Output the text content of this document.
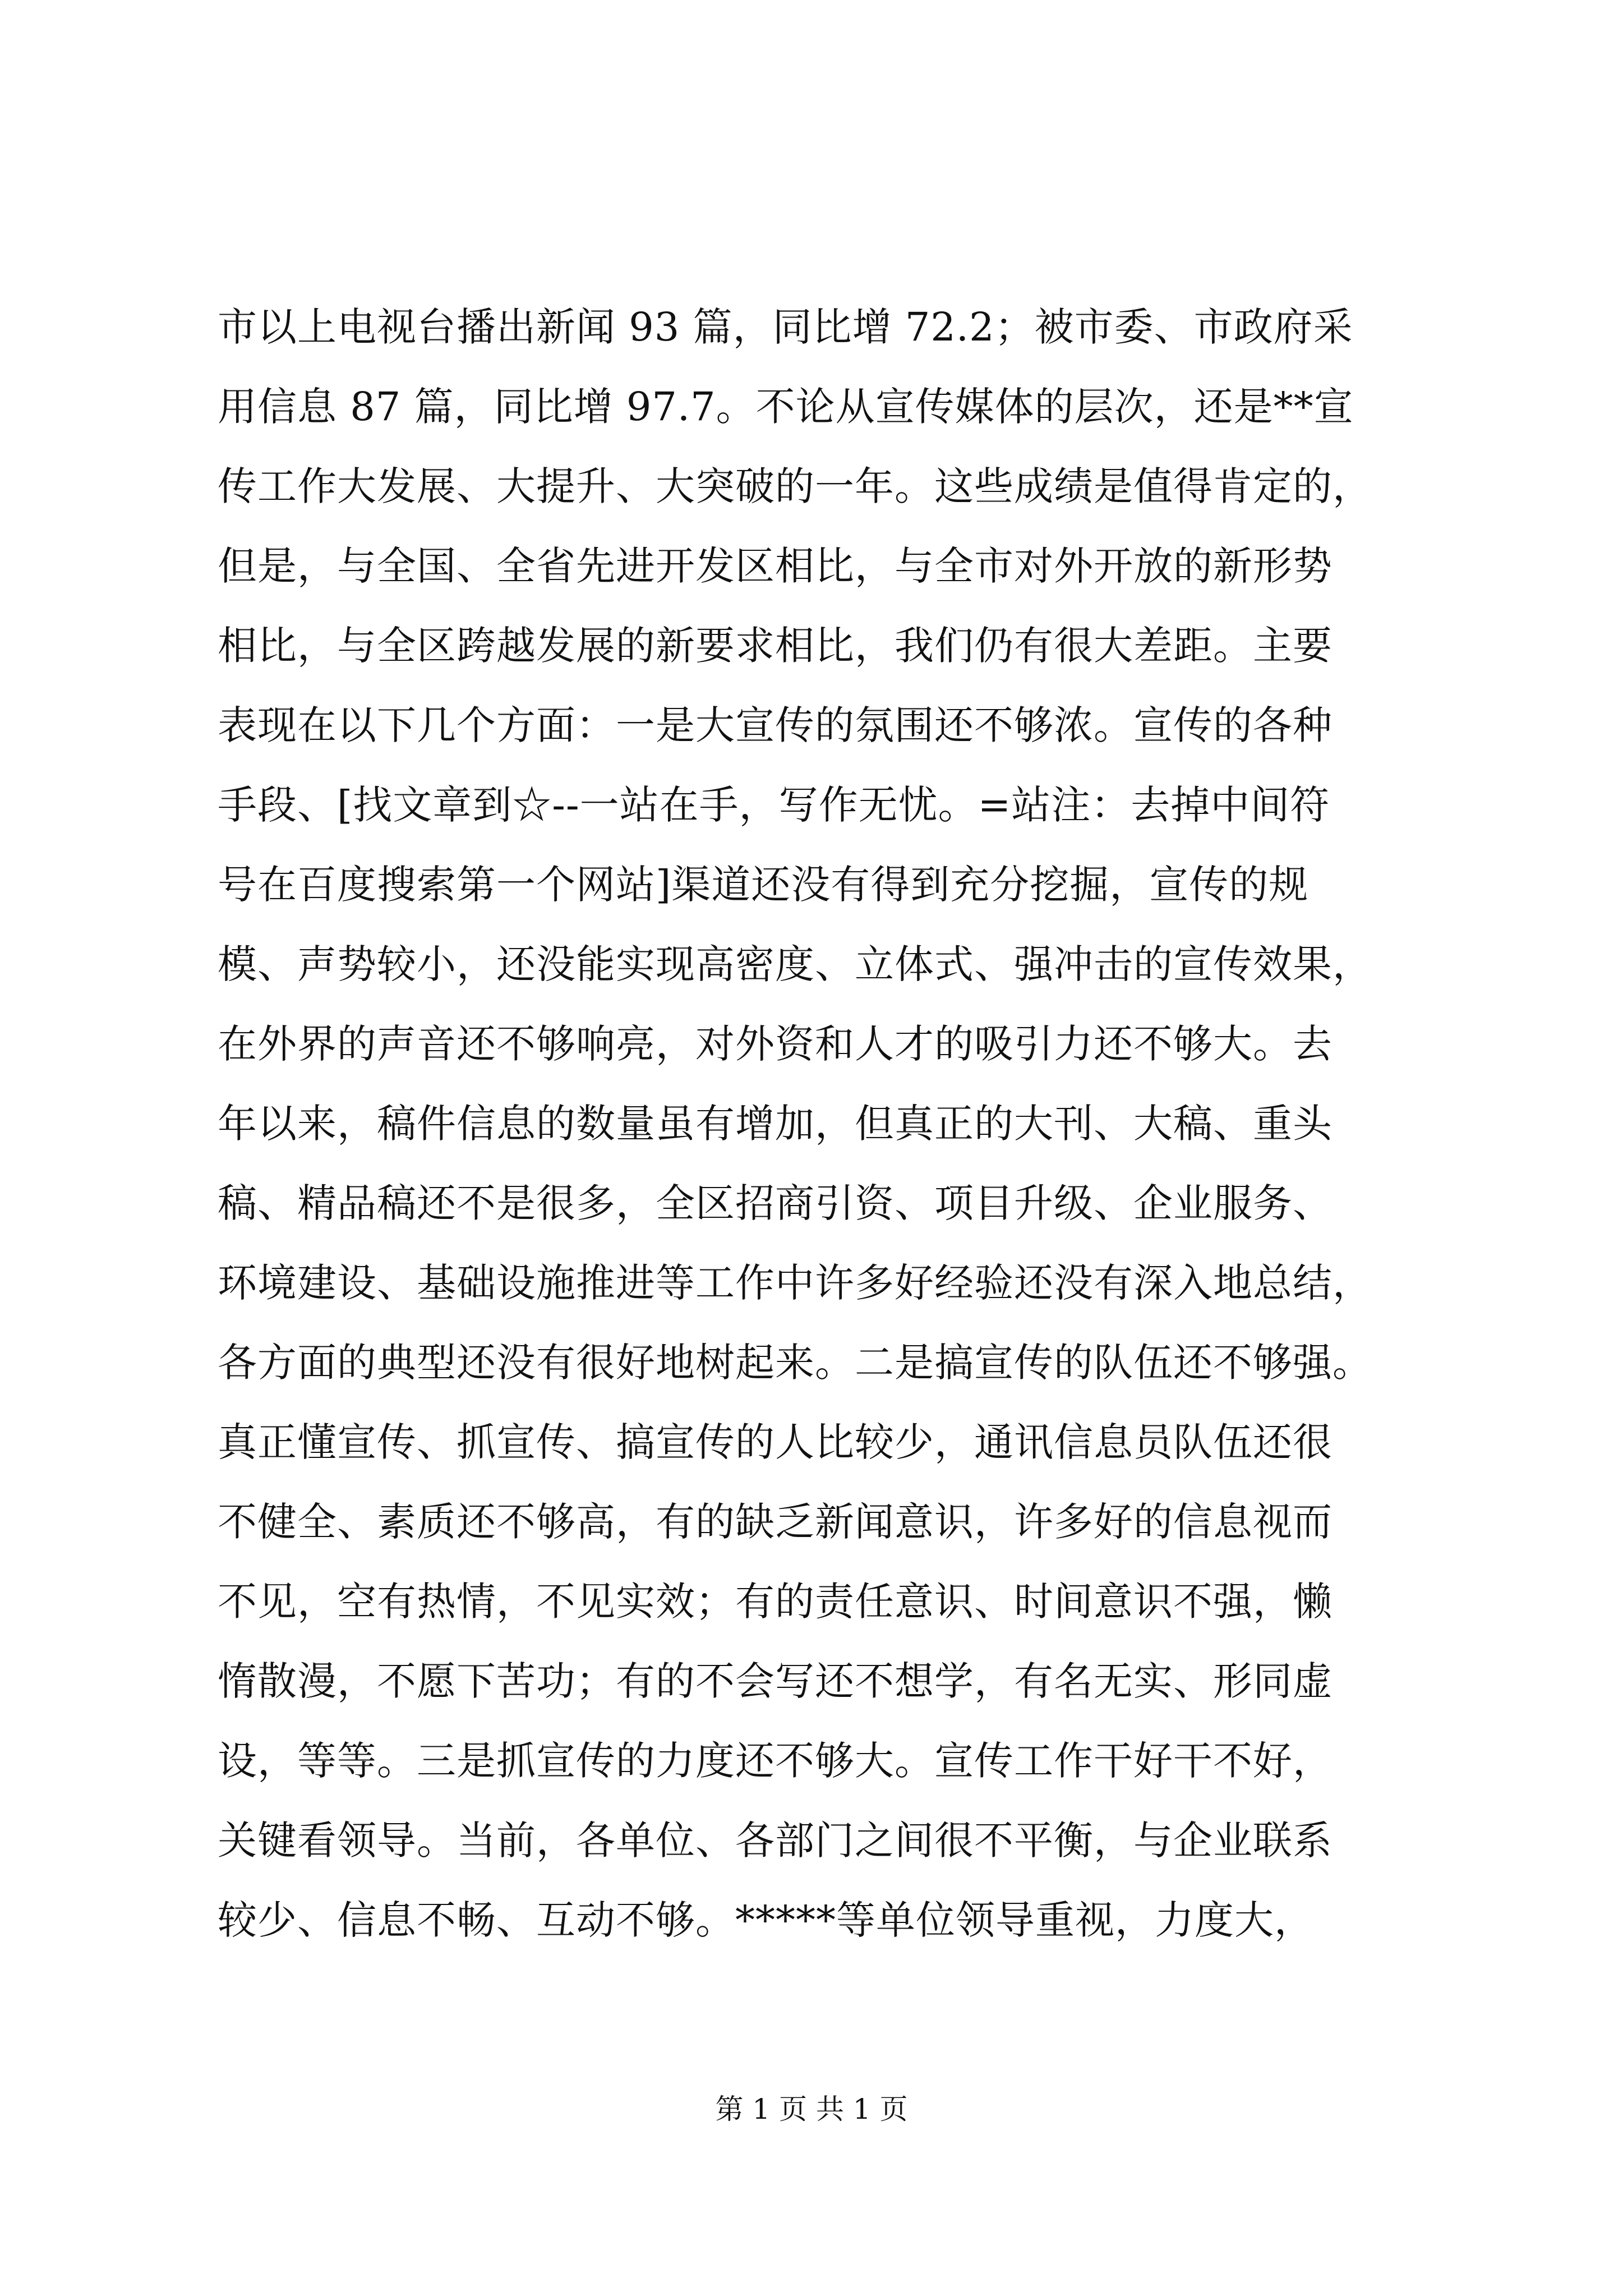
市以上电视台播出新闻 93 篇，同比增 72.2；被市委、市政府采
用信息 87 篇，同比增 97.7。不论从宣传媒体的层次，还是**宣
传工作大发展、大提升、大突破的一年。这些成绩是值得肯定的，
但是，与全国、全省先进开发区相比，与全市对外开放的新形势
相比，与全区跨越发展的新要求相比，我们仍有很大差距。主要
表现在以下几个方面：一是大宣传的氛围还不够浓。宣传的各种
手段、[找文章到☆--一站在手，写作无忧。=站注：去掉中间符
号在百度搜索第一个网站]渠道还没有得到充分挖掘，宣传的规
模、声势较小，还没能实现高密度、立体式、强冲击的宣传效果，
在外界的声音还不够响亮，对外资和人才的吸引力还不够大。去
年以来，稿件信息的数量虽有增加，但真正的大刊、大稿、重头
稿、精品稿还不是很多，全区招商引资、项目升级、企业服务、
环境建设、基础设施推进等工作中许多好经验还没有深入地总结，
各方面的典型还没有很好地树起来。二是搞宣传的队伍还不够强。
真正懂宣传、抓宣传、搞宣传的人比较少，通讯信息员队伍还很
不健全、素质还不够高，有的缺乏新闻意识，许多好的信息视而
不见，空有热情，不见实效；有的责任意识、时间意识不强，懒
惰散漫，不愿下苦功；有的不会写还不想学，有名无实、形同虚
设，等等。三是抓宣传的力度还不够大。宣传工作干好干不好，
关键看领导。当前，各单位、各部门之间很不平衡，与企业联系
较少、信息不畅、互动不够。*****等单位领导重视，力度大，
第 1 页 共 1 页
